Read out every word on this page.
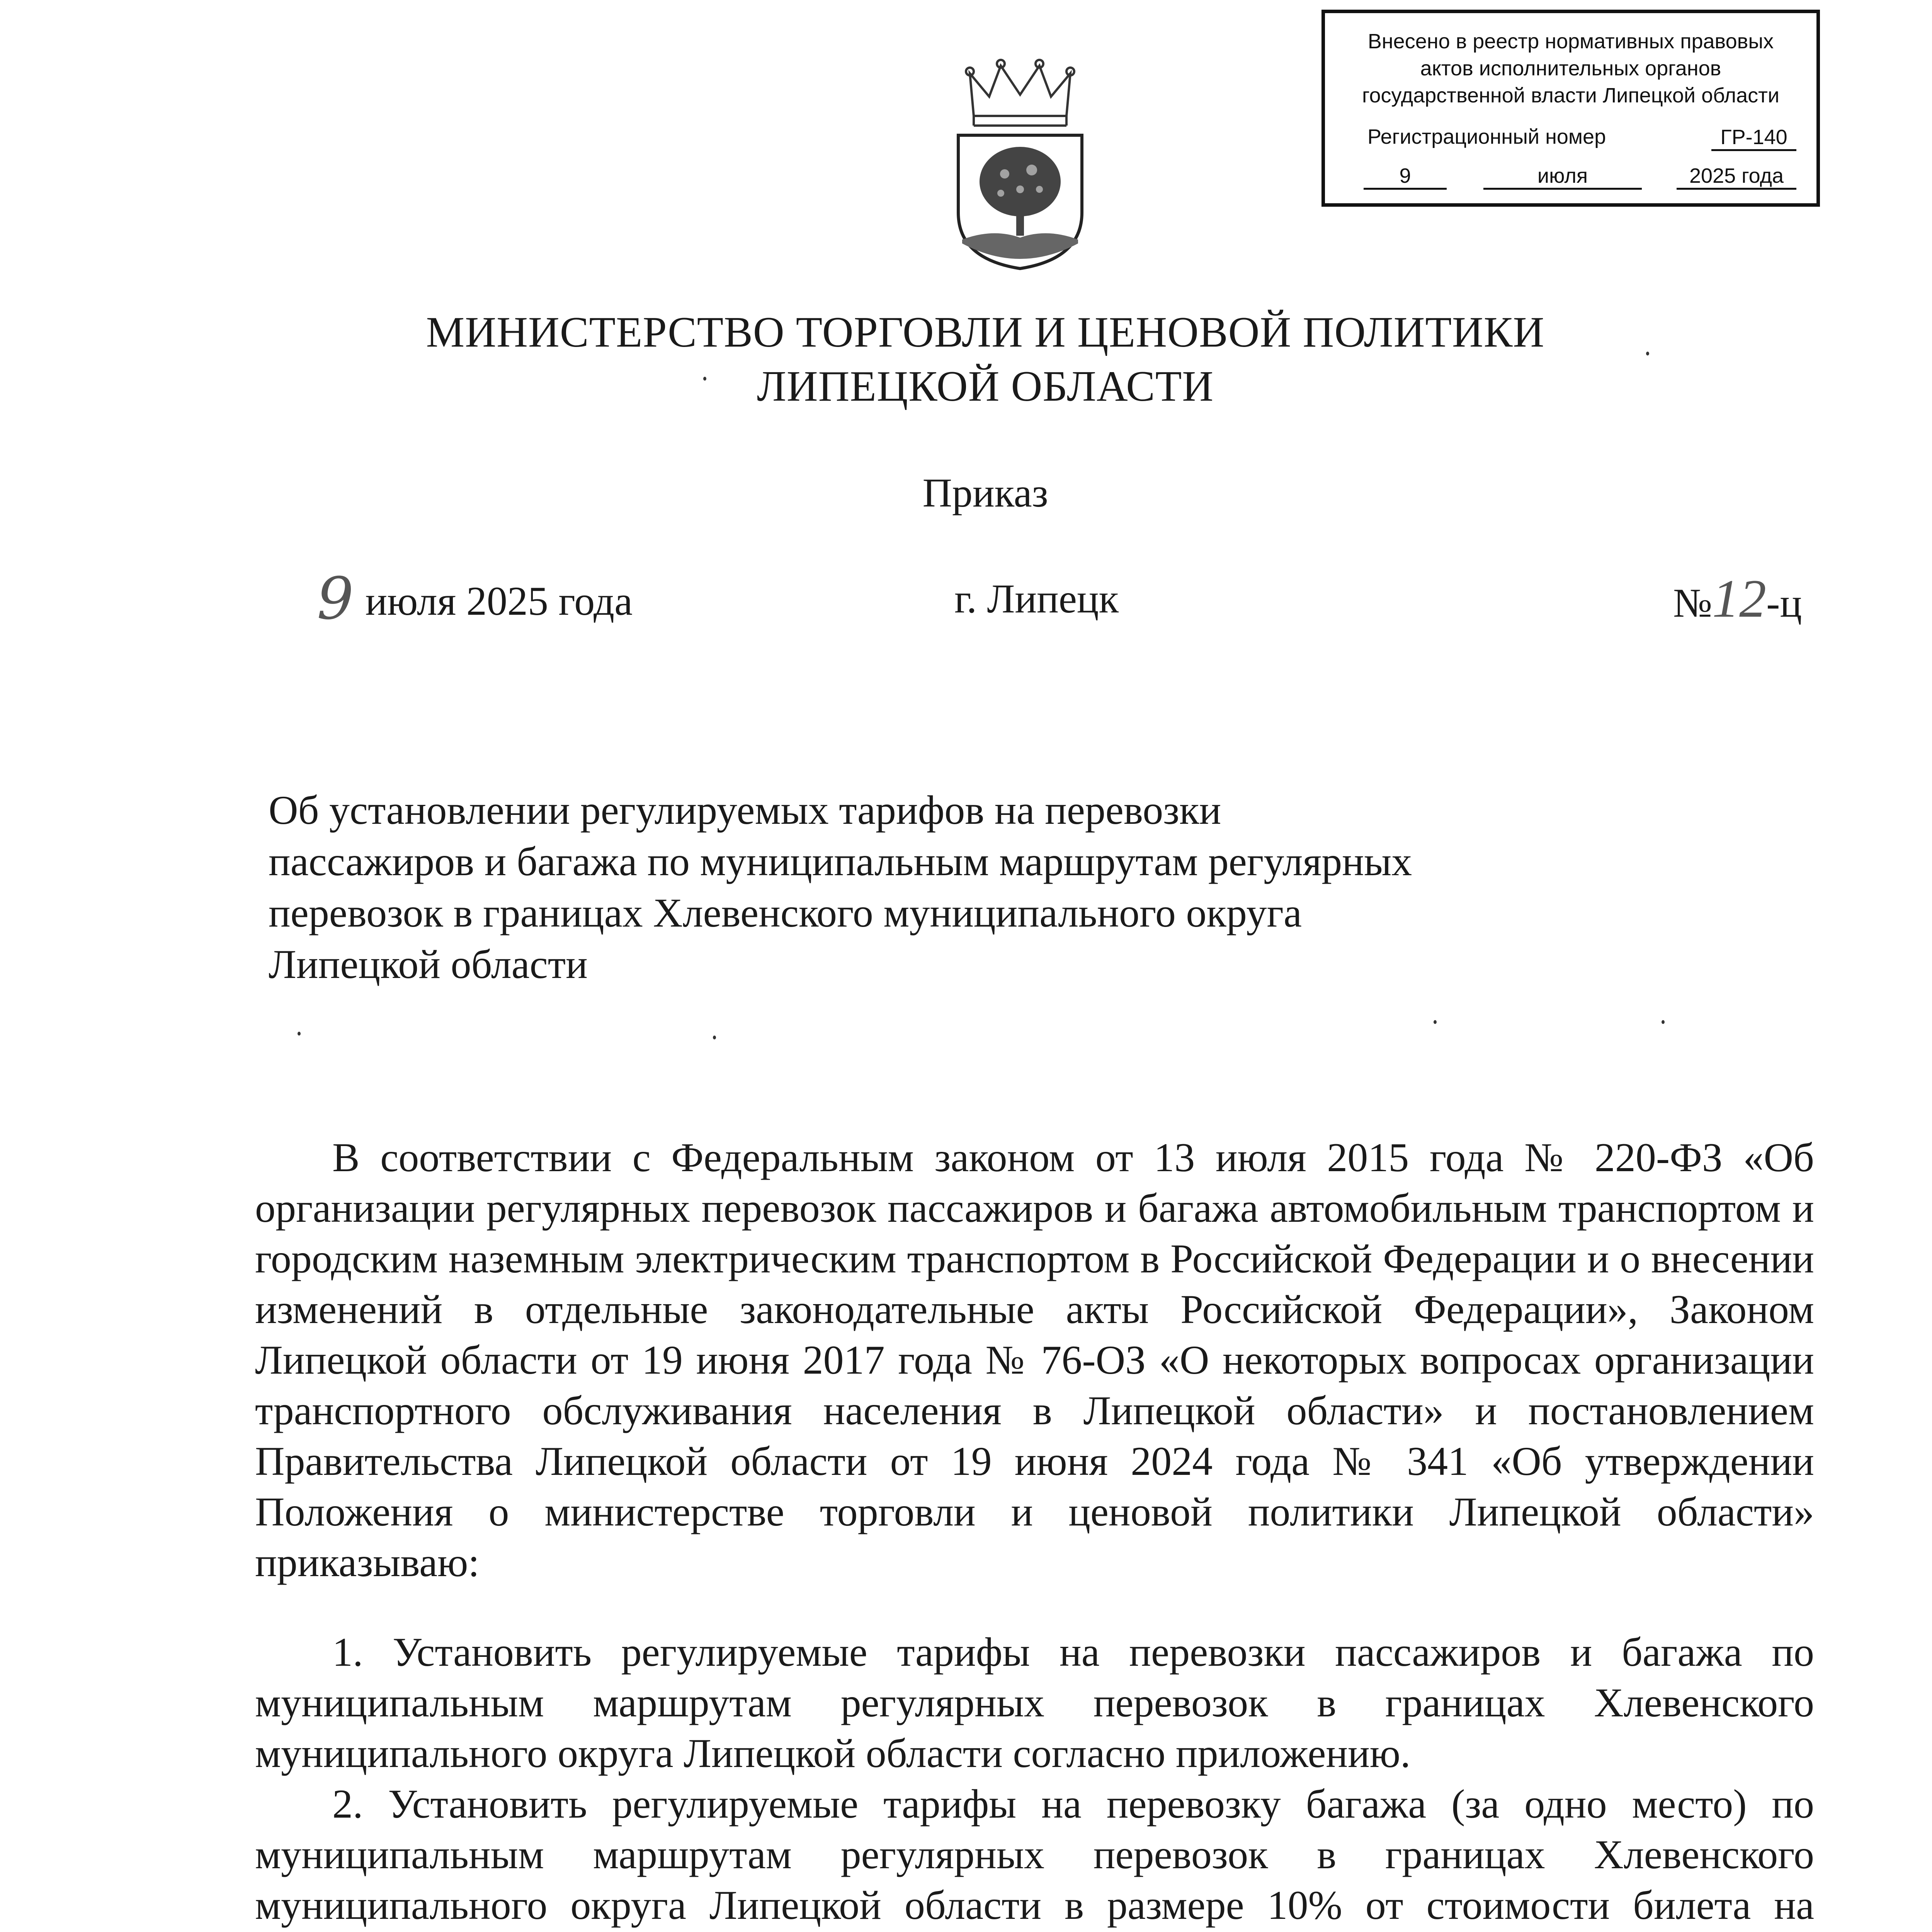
Внесено в реестр нормативных правовых
актов исполнительных органов
государственной власти Липецкой области
Регистрационный номер	ГР-140
9	июля	2025 года
МИНИСТЕРСТВО ТОРГОВЛИ И ЦЕНОВОЙ ПОЛИТИКИ
ЛИПЕЦКОЙ ОБЛАСТИ
Приказ
9 июля 2025 года	г. Липецк	№12-ц
Об установлении регулируемых тарифов на перевозки
пассажиров и багажа по муниципальным маршрутам регулярных
перевозок в границах Хлевенского муниципального округа
Липецкой области
В соответствии с Федеральным законом от 13 июля 2015 года № 220-ФЗ «Об организации регулярных перевозок пассажиров и багажа автомобильным транспортом и городским наземным электрическим транспортом в Российской Федерации и о внесении изменений в отдельные законодательные акты Российской Федерации», Законом Липецкой области от 19 июня 2017 года № 76-ОЗ «О некоторых вопросах организации транспортного обслуживания населения в Липецкой области» и постановлением Правительства Липецкой области от 19 июня 2024 года № 341 «Об утверждении Положения о министерстве торговли и ценовой политики Липецкой области» приказываю:

1. Установить регулируемые тарифы на перевозки пассажиров и багажа по муниципальным маршрутам регулярных перевозок в границах Хлевенского муниципального округа Липецкой области согласно приложению.

2. Установить регулируемые тарифы на перевозку багажа (за одно место) по муниципальным маршрутам регулярных перевозок в границах Хлевенского муниципального округа Липецкой области в размере 10% от стоимости билета на
